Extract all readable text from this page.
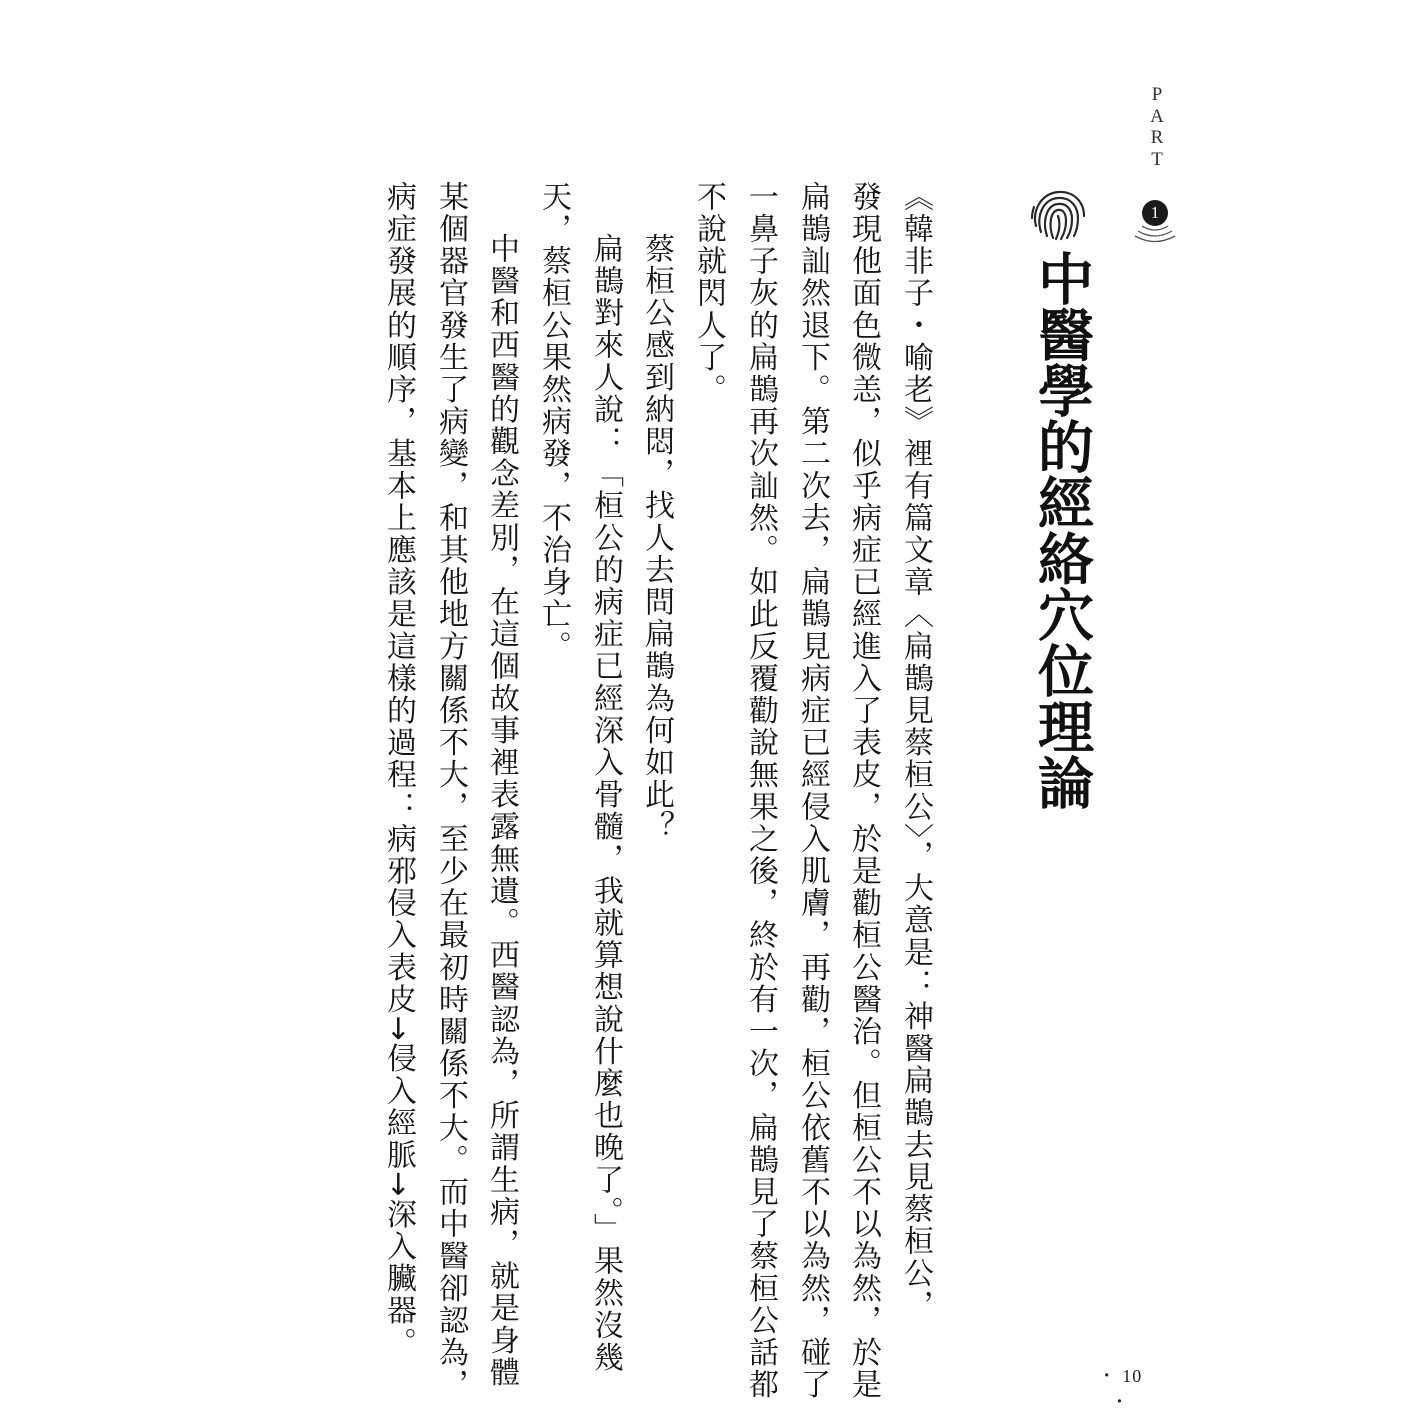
P
A
R
T
1
中醫學的經絡穴位理論
《韓非子・喻老》裡有篇文章〈扁鵲見蔡桓公〉，大意是：神醫扁鵲去見蔡桓公，
發現他面色微恙，似乎病症已經進入了表皮，於是勸桓公醫治。但桓公不以為然，於是
扁鵲訕然退下。第二次去，扁鵲見病症已經侵入肌膚，再勸，桓公依舊不以為然，碰了
一鼻子灰的扁鵲再次訕然。如此反覆勸說無果之後，終於有一次，扁鵲見了蔡桓公話都
不說就閃人了。
蔡桓公感到納悶，找人去問扁鵲為何如此？
扁鵲對來人說：「桓公的病症已經深入骨髓，我就算想說什麼也晚了。」果然沒幾
天，蔡桓公果然病發，不治身亡。
中醫和西醫的觀念差別，在這個故事裡表露無遺。西醫認為，所謂生病，就是身體
某個器官發生了病變，和其他地方關係不大，至少在最初時關係不大。而中醫卻認為，
病症發展的順序，基本上應該是這樣的過程：病邪侵入表皮→侵入經脈→深入臟器。
・ 10 ・
